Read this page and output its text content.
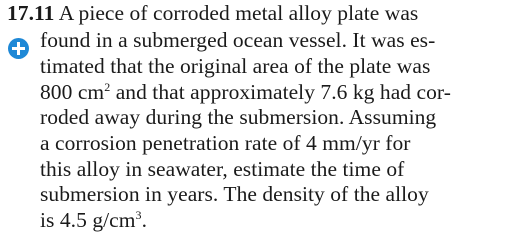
17.11 A piece of corroded metal alloy plate was
found in a submerged ocean vessel. It was es-
timated that the original area of the plate was
800 $cm^2$ and that approximately 7.6 kg had cor-
roded away during the submersion. Assuming
a corrosion penetration rate of 4 mm/yr for
this alloy in seawater, estimate the time of
submersion in years. The density of the alloy
is 4.5 $g/cm^3$.
